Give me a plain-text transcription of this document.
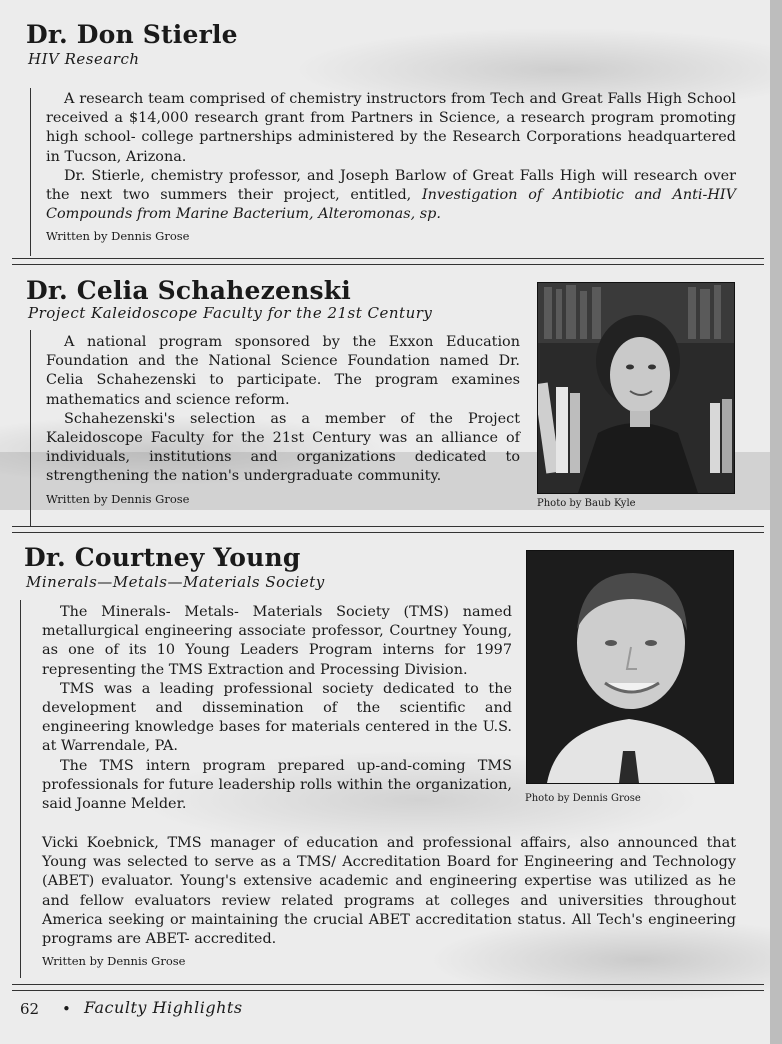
Dr. Don Stierle
HIV Research

A research team comprised of chemistry instructors from Tech and Great Falls High School received a $14,000 research grant from Partners in Science, a research program promoting high school- college partnerships administered by the Research Corporations headquartered in Tucson, Arizona.

Dr. Stierle, chemistry professor, and Joseph Barlow of Great Falls High will research over the next two summers their project, entitled, Investigation of Antibiotic and Anti-HIV Compounds from Marine Bacterium, Alteromonas, sp.

Written by Dennis Grose
Dr. Celia Schahezenski
Project Kaleidoscope Faculty for the 21st Century

A national program sponsored by the Exxon Education Foundation and the National Science Foundation named Dr. Celia Schahezenski to participate. The program examines mathematics and science reform.

Schahezenski's selection as a member of the Project Kaleidoscope Faculty for the 21st Century was an alliance of individuals, institutions and organizations dedicated to strengthening the nation's undergraduate community.

Written by Dennis Grose	Photo by Baub Kyle
Dr. Courtney Young
Minerals—Metals—Materials Society

The Minerals- Metals- Materials Society (TMS) named metallurgical engineering associate professor, Courtney Young, as one of its 10 Young Leaders Program interns for 1997 representing the TMS Extraction and Processing Division.

TMS was a leading professional society dedicated to the development and dissemination of the scientific and engineering knowledge bases for materials centered in the U.S. at Warrendale, PA.

The TMS intern program prepared up-and-coming TMS professionals for future leadership rolls within the organization, said Joanne Melder.

Vicki Koebnick, TMS manager of education and professional affairs, also announced that Young was selected to serve as a TMS/ Accreditation Board for Engineering and Technology (ABET) evaluator. Young's extensive academic and engineering expertise was utilized as he and fellow evaluators review related programs at colleges and universities throughout America seeking or maintaining the crucial ABET accreditation status. All Tech's engineering programs are ABET- accredited.

Written by Dennis Grose
Photo by Dennis Grose
62 • Faculty Highlights
